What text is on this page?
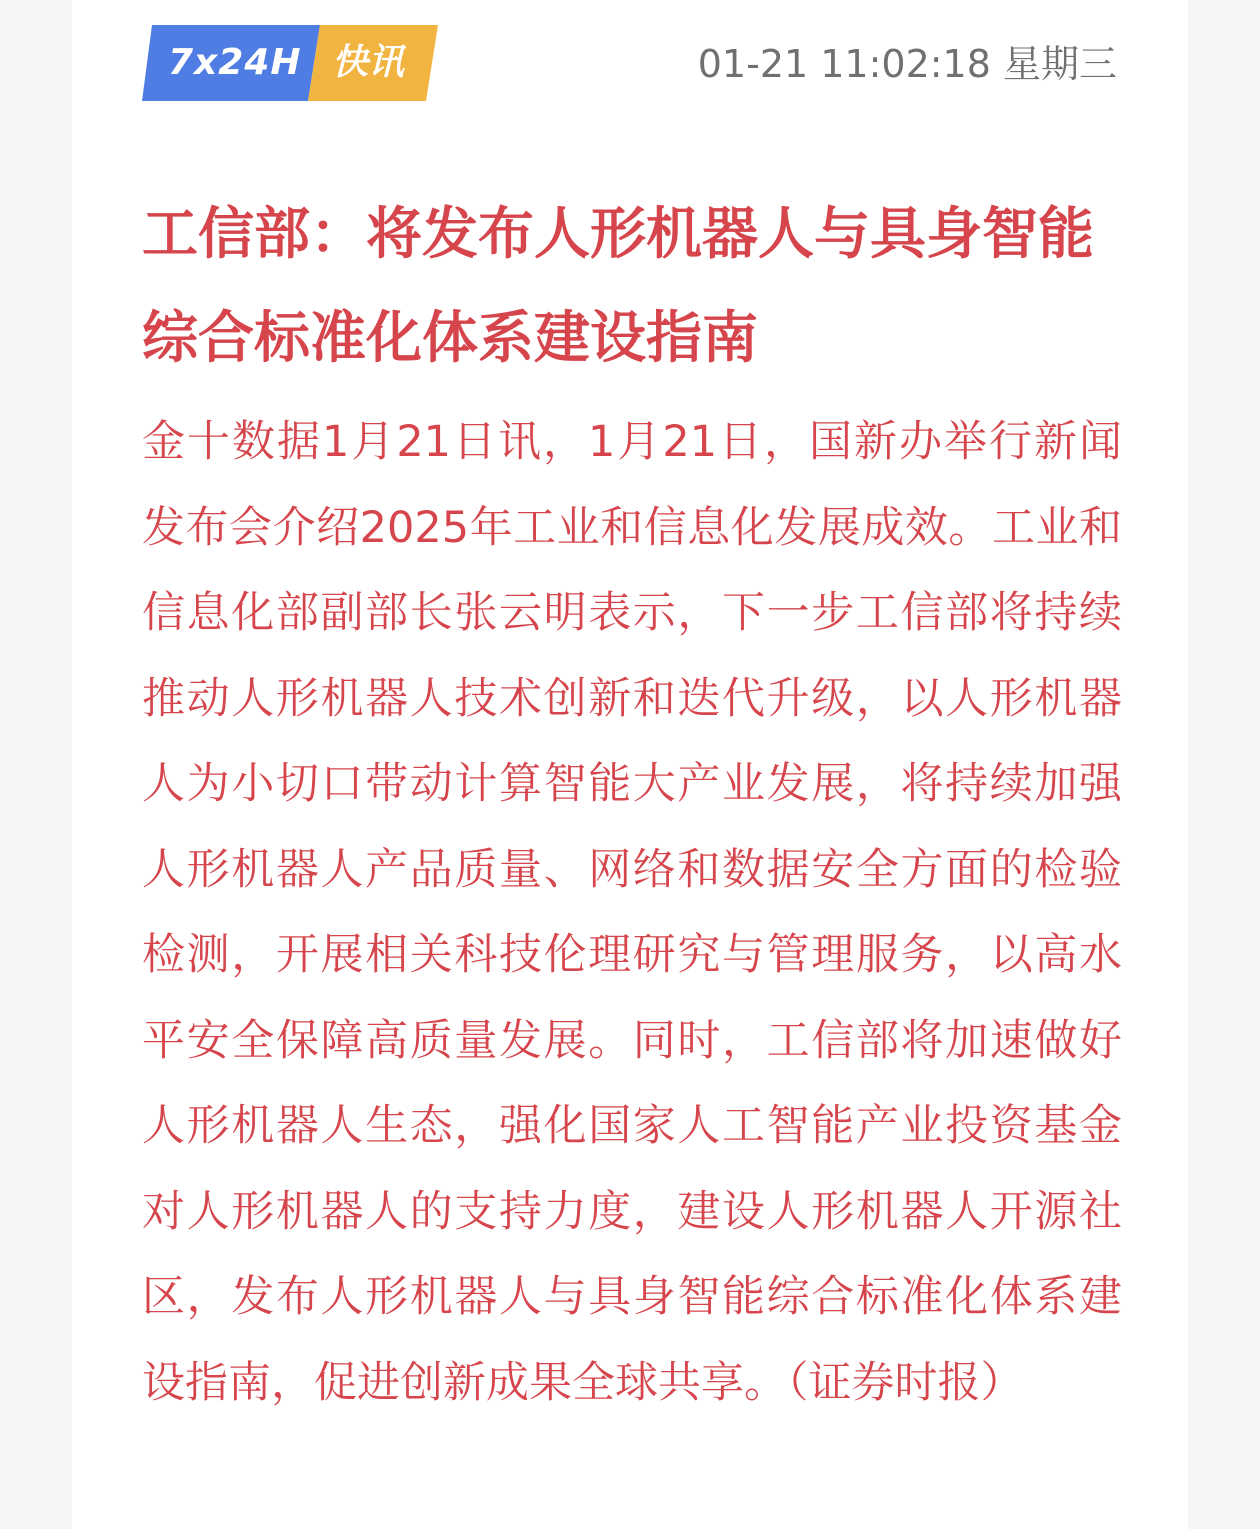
7x24H 快讯	01-21 11:02:18 星期三
工信部：将发布人形机器人与具身智能综合标准化体系建设指南

金十数据1月21日讯，1月21日，国新办举行新闻发布会介绍2025年工业和信息化发展成效。工业和信息化部副部长张云明表示，下一步工信部将持续推动人形机器人技术创新和迭代升级，以人形机器人为小切口带动计算智能大产业发展，将持续加强人形机器人产品质量、网络和数据安全方面的检验检测，开展相关科技伦理研究与管理服务，以高水平安全保障高质量发展。同时，工信部将加速做好人形机器人生态，强化国家人工智能产业投资基金对人形机器人的支持力度，建设人形机器人开源社区，发布人形机器人与具身智能综合标准化体系建设指南，促进创新成果全球共享。（证券时报）
